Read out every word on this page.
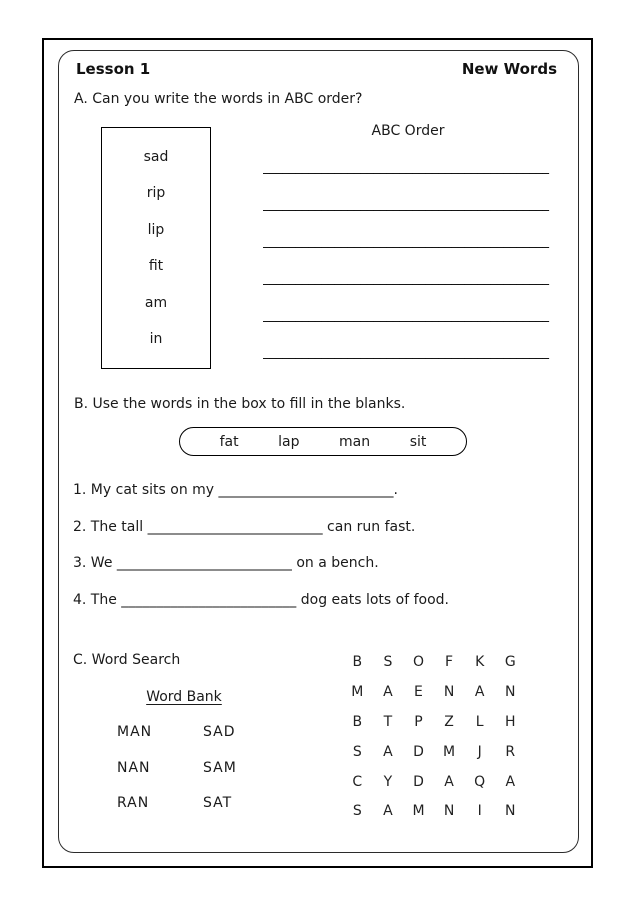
Lesson 1	New Words
A. Can you write the words in ABC order?
sad
rip
lip
fit
am
in
ABC Order
____________________________________________
____________________________________________
____________________________________________
____________________________________________
____________________________________________
____________________________________________
B. Use the words in the box to fill in the blanks.
fat	lap	man	sit
1. My cat sits on my _________________________.
2. The tall _________________________ can run fast.
3. We _________________________ on a bench.
4. The _________________________ dog eats lots of food.
C. Word Search
Word Bank
MAN	SAD
NAN	SAM
RAN	SAT
B S O F K G
M A E N A N
B T P Z L H
S A D M J R
C Y D A Q A
S A M N I N
